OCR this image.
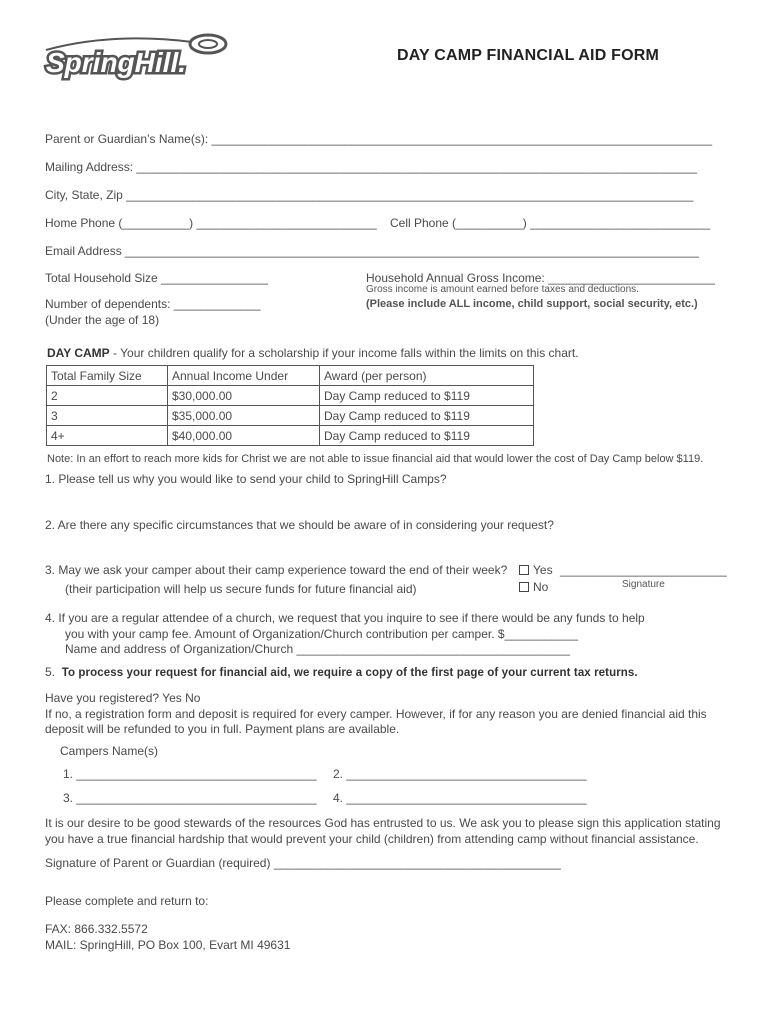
SpringHill.	DAY CAMP FINANCIAL AID FORM
Parent or Guardian’s Name(s): ___________________________________________________________________________
Mailing Address: ____________________________________________________________________________________
City, State, Zip _____________________________________________________________________________________
Home Phone (__________) ___________________________ Cell Phone (__________) ___________________________
Email Address ______________________________________________________________________________________
Total Household Size ________________	Household Annual Gross Income: _________________________
Gross income is amount earned before taxes and deductions.
(Please include ALL income, child support, social security, etc.)
Number of dependents: _____________
(Under the age of 18)
DAY CAMP - Your children qualify for a scholarship if your income falls within the limits on this chart.
Total Family Size	Annual Income Under	Award (per person)
2	$30,000.00	Day Camp reduced to $119
3	$35,000.00	Day Camp reduced to $119
4+	$40,000.00	Day Camp reduced to $119
Note: In an effort to reach more kids for Christ we are not able to issue financial aid that would lower the cost of Day Camp below $119.
1. Please tell us why you would like to send your child to SpringHill Camps?
2. Are there any specific circumstances that we should be aware of in considering your request?
3. May we ask your camper about their camp experience toward the end of their week?	Yes _________________________
(their participation will help us secure funds for future financial aid)	No	Signature
4. If you are a regular attendee of a church, we request that you inquire to see if there would be any funds to help
you with your camp fee. Amount of Organization/Church contribution per camper. $___________
Name and address of Organization/Church _________________________________________
5. To process your request for financial aid, we require a copy of the first page of your current tax returns.
Have you registered? Yes No
If no, a registration form and deposit is required for every camper. However, if for any reason you are denied financial aid this
deposit will be refunded to you in full. Payment plans are available.
Campers Name(s)
1. ____________________________________ 2. ____________________________________
3. ____________________________________ 4. ____________________________________
It is our desire to be good stewards of the resources God has entrusted to us. We ask you to please sign this application stating
you have a true financial hardship that would prevent your child (children) from attending camp without financial assistance.
Signature of Parent or Guardian (required) ___________________________________________
Please complete and return to:
FAX: 866.332.5572
MAIL: SpringHill, PO Box 100, Evart MI 49631
